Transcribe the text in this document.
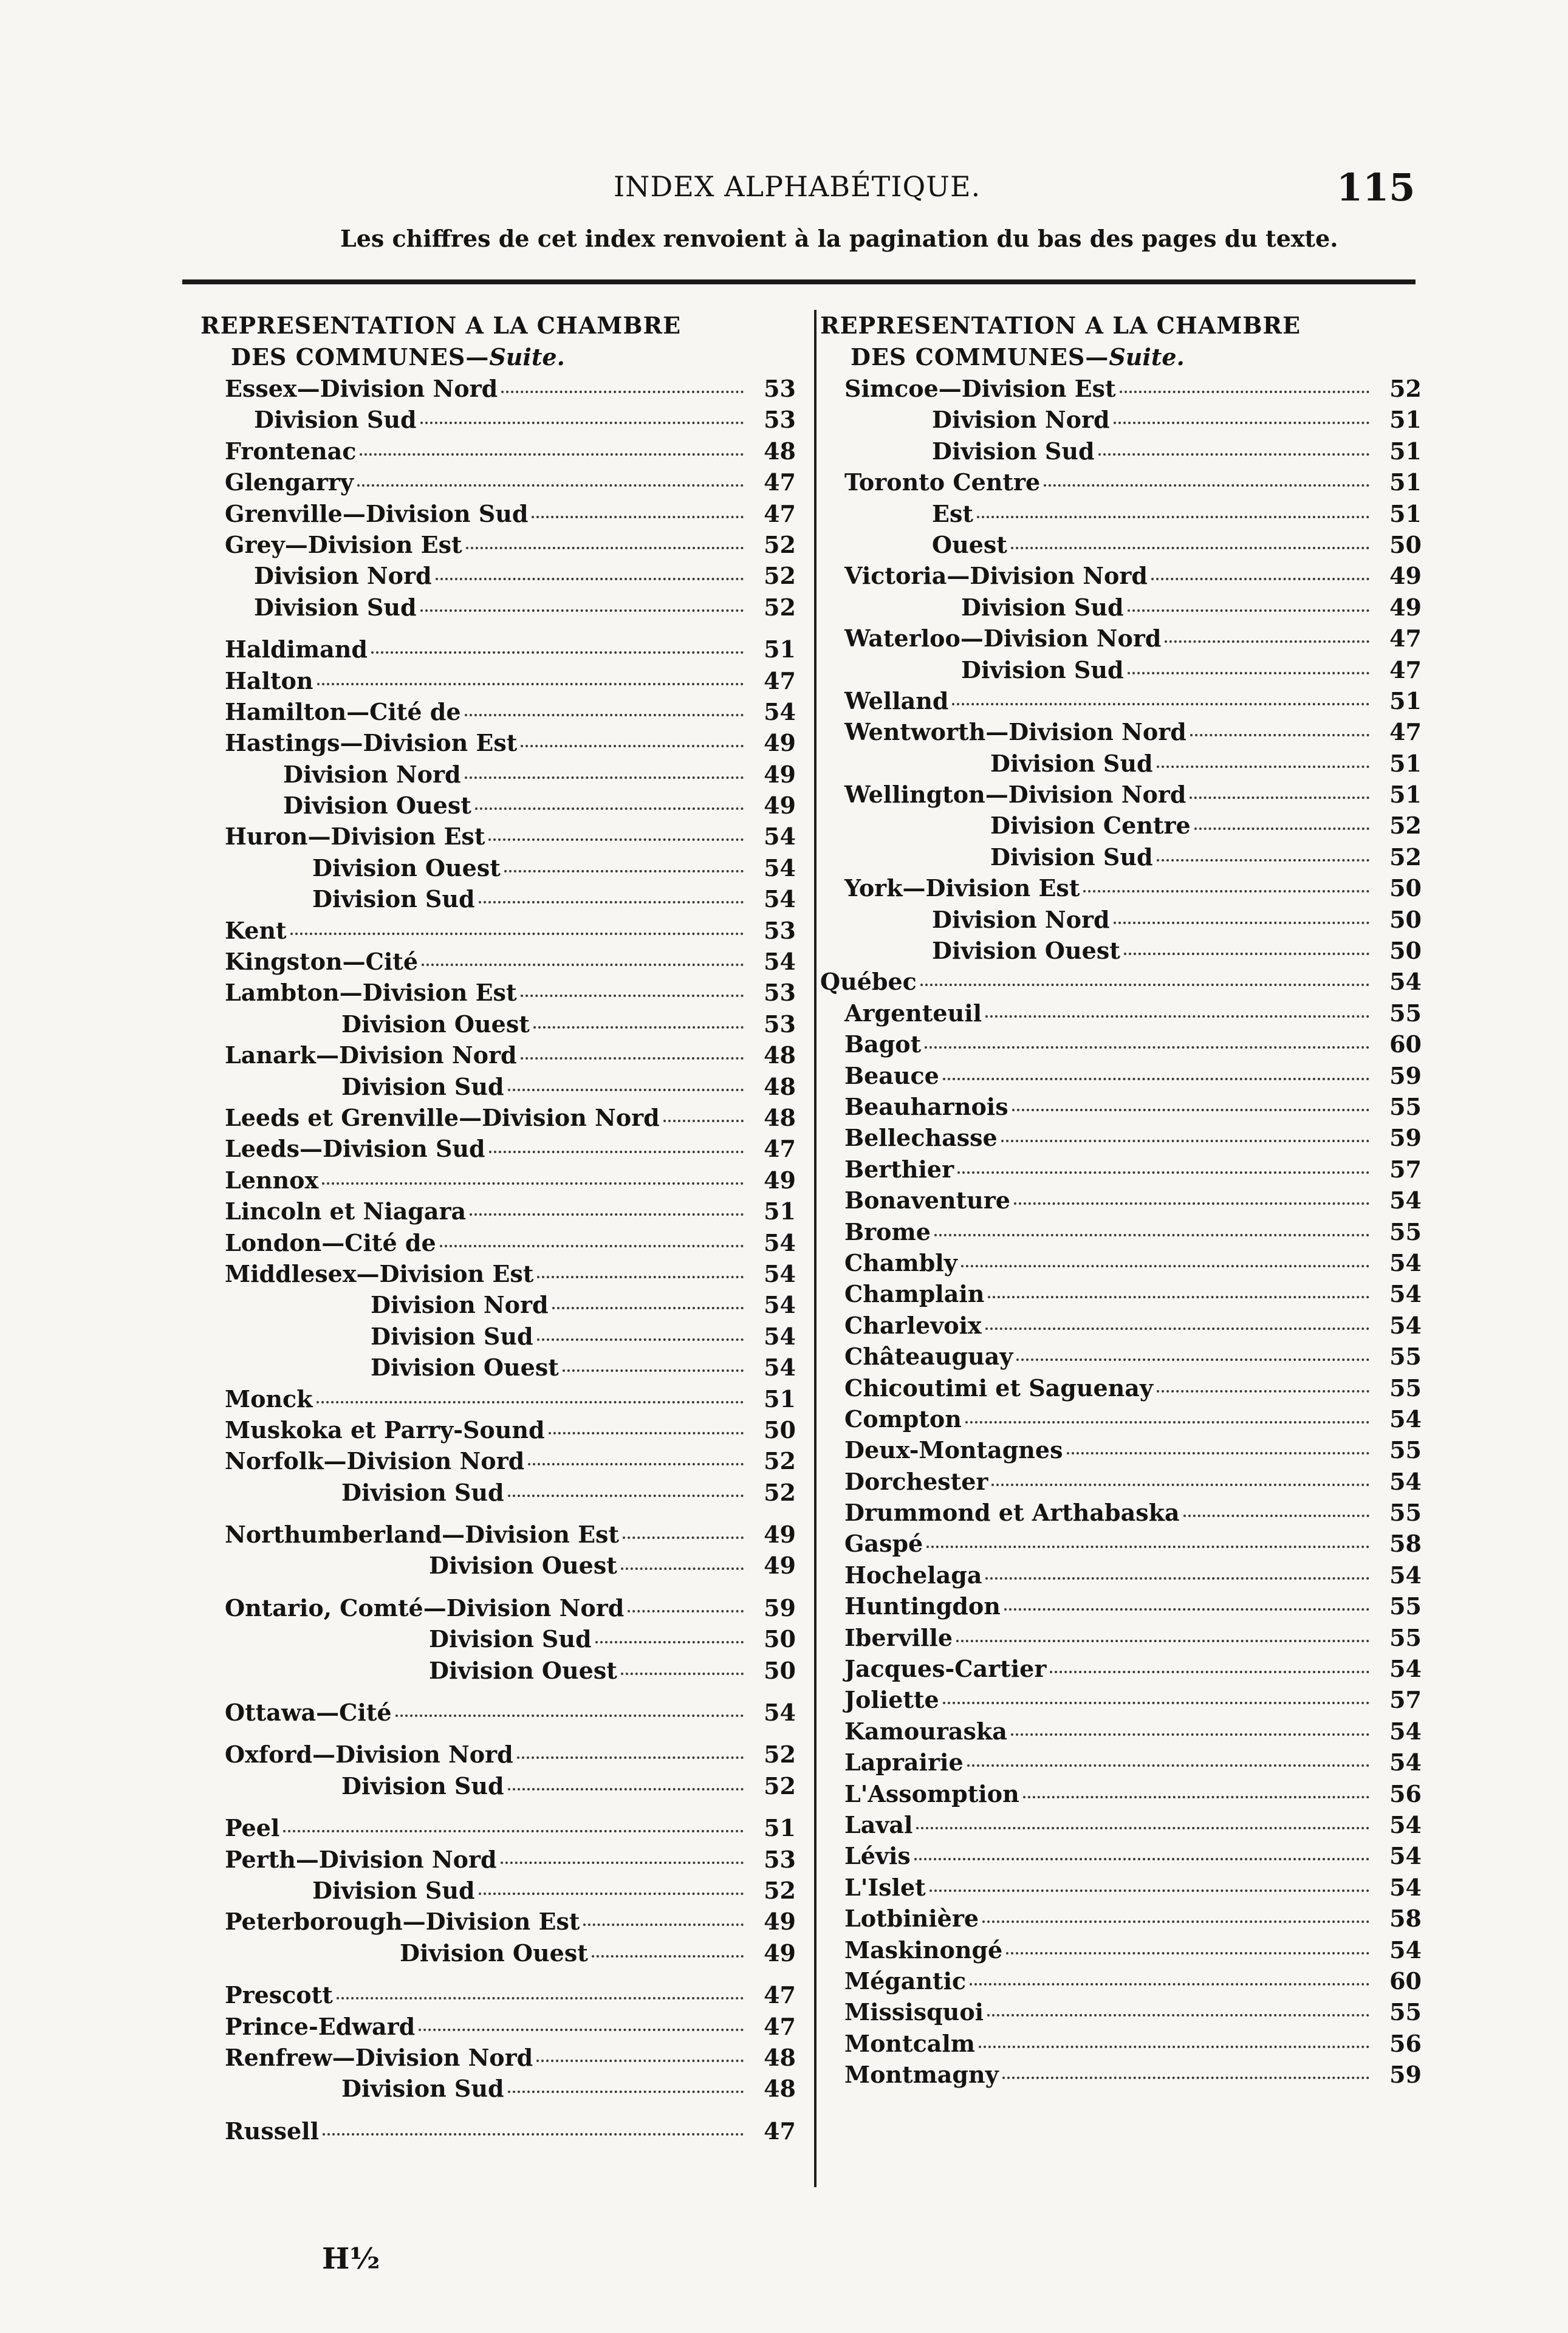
INDEX ALPHABÉTIQUE.	115
Les chiffres de cet index renvoient à la pagination du bas des pages du texte.
REPRESENTATION A LA CHAMBRE
DES COMMUNES—Suite.
Essex—Division Nord	53
Division Sud	53
Frontenac	48
Glengarry	47
Grenville—Division Sud	47
Grey—Division Est	52
Division Nord	52
Division Sud	52
Haldimand	51
Halton	47
Hamilton—Cité de	54
Hastings—Division Est	49
Division Nord	49
Division Ouest	49
Huron—Division Est	54
Division Ouest	54
Division Sud	54
Kent	53
Kingston—Cité	54
Lambton—Division Est	53
Division Ouest	53
Lanark—Division Nord	48
Division Sud	48
Leeds et Grenville—Division Nord	48
Leeds—Division Sud	47
Lennox	49
Lincoln et Niagara	51
London—Cité de	54
Middlesex—Division Est	54
Division Nord	54
Division Sud	54
Division Ouest	54
Monck	51
Muskoka et Parry-Sound	50
Norfolk—Division Nord	52
Division Sud	52
Northumberland—Division Est	49
Division Ouest	49
Ontario, Comté—Division Nord	59
Division Sud	50
Division Ouest	50
Ottawa—Cité	54
Oxford—Division Nord	52
Division Sud	52
Peel	51
Perth—Division Nord	53
Division Sud	52
Peterborough—Division Est	49
Division Ouest	49
Prescott	47
Prince-Edward	47
Renfrew—Division Nord	48
Division Sud	48
Russell	47
REPRESENTATION A LA CHAMBRE
DES COMMUNES—Suite.
Simcoe—Division Est	52
Division Nord	51
Division Sud	51
Toronto Centre	51
Est	51
Ouest	50
Victoria—Division Nord	49
Division Sud	49
Waterloo—Division Nord	47
Division Sud	47
Welland	51
Wentworth—Division Nord	47
Division Sud	51
Wellington—Division Nord	51
Division Centre	52
Division Sud	52
York—Division Est	50
Division Nord	50
Division Ouest	50
Québec	54
Argenteuil	55
Bagot	60
Beauce	59
Beauharnois	55
Bellechasse	59
Berthier	57
Bonaventure	54
Brome	55
Chambly	54
Champlain	54
Charlevoix	54
Châteauguay	55
Chicoutimi et Saguenay	55
Compton	54
Deux-Montagnes	55
Dorchester	54
Drummond et Arthabaska	55
Gaspé	58
Hochelaga	54
Huntingdon	55
Iberville	55
Jacques-Cartier	54
Joliette	57
Kamouraska	54
Laprairie	54
L'Assomption	56
Laval	54
Lévis	54
L'Islet	54
Lotbinière	58
Maskinongé	54
Mégantic	60
Missisquoi	55
Montcalm	56
Montmagny	59
H½
